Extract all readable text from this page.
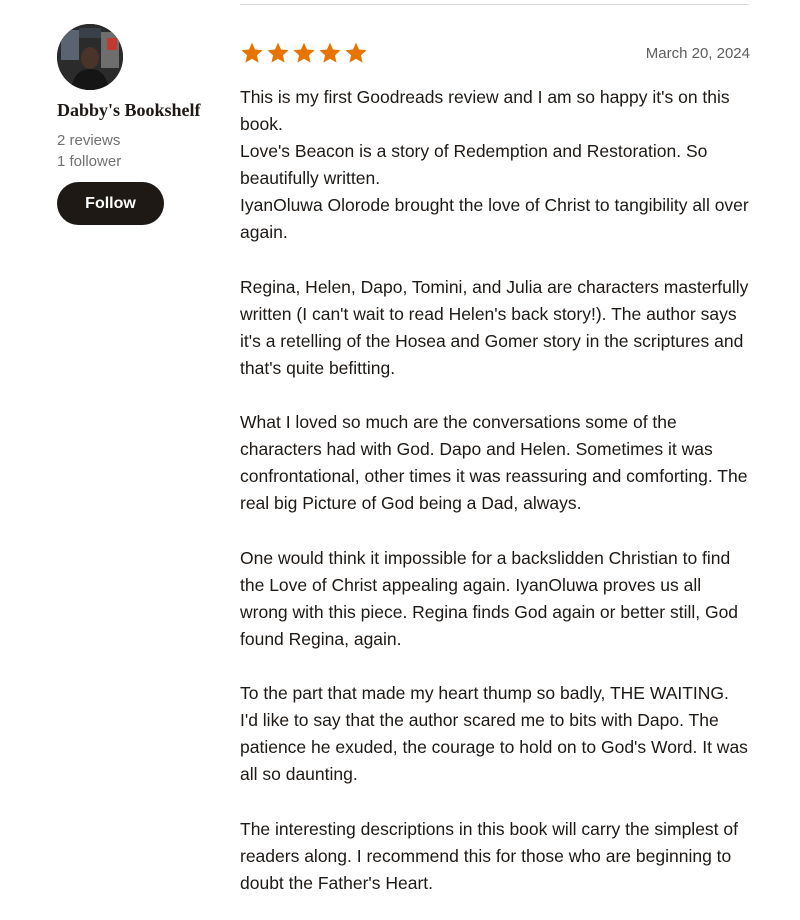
Dabby's Bookshelf
2 reviews
1 follower
Follow
March 20, 2024

This is my first Goodreads review and I am so happy it's on this book.
Love's Beacon is a story of Redemption and Restoration. So beautifully written.
IyanOluwa Olorode brought the love of Christ to tangibility all over again.

Regina, Helen, Dapo, Tomini, and Julia are characters masterfully written (I can't wait to read Helen's back story!). The author says it's a retelling of the Hosea and Gomer story in the scriptures and that's quite befitting.

What I loved so much are the conversations some of the characters had with God. Dapo and Helen. Sometimes it was confrontational, other times it was reassuring and comforting. The real big Picture of God being a Dad, always.

One would think it impossible for a backslidden Christian to find the Love of Christ appealing again. IyanOluwa proves us all wrong with this piece. Regina finds God again or better still, God found Regina, again.

To the part that made my heart thump so badly, THE WAITING. I'd like to say that the author scared me to bits with Dapo. The patience he exuded, the courage to hold on to God's Word. It was all so daunting.

The interesting descriptions in this book will carry the simplest of readers along. I recommend this for those who are beginning to doubt the Father's Heart.
